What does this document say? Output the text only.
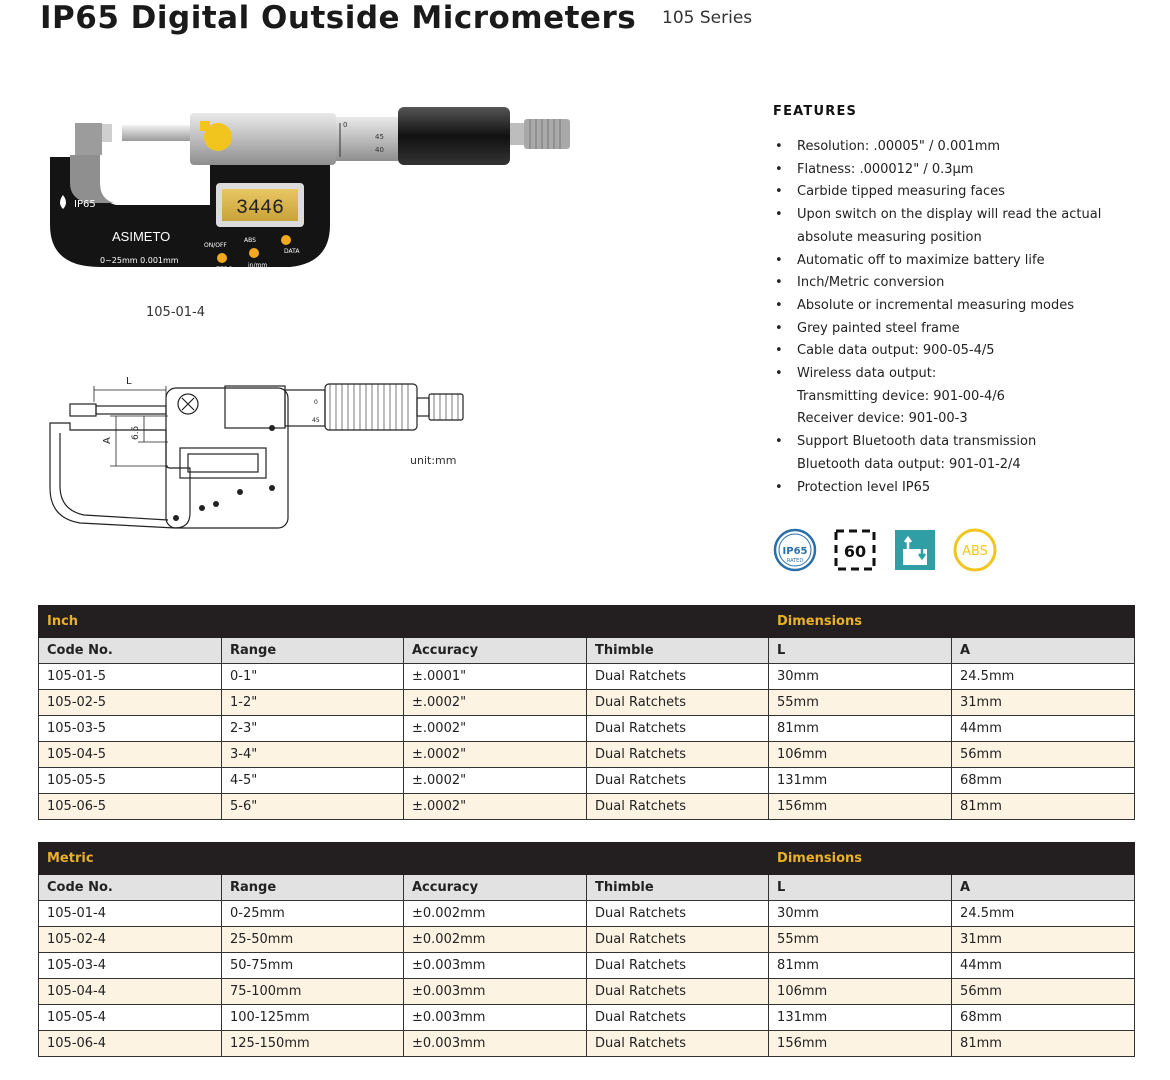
IP65 Digital Outside Micrometers 105 Series
0
45
40
3446
IP65
ASIMETO
0~25mm 0.001mm
ON/OFF
ABS
DATA
ZERO
in/mm
105-01-4
L
A
6.5
0
45
unit:mm
FEATURES
• Resolution: .00005" / 0.001mm
• Flatness: .000012" / 0.3μm
• Carbide tipped measuring faces
• Upon switch on the display will read the actual absolute measuring position
• Automatic off to maximize battery life
• Inch/Metric conversion
• Absolute or incremental measuring modes
• Grey painted steel frame
• Cable data output: 900-05-4/5
• Wireless data output:
Transmitting device: 901-00-4/6
Receiver device: 901-00-3
• Support Bluetooth data transmission
Bluetooth data output: 901-01-2/4
• Protection level IP65
IP65
RATED	60	ABS
Inch				Dimensions	
Code No.	Range	Accuracy	Thimble	L	A
105-01-5	0-1"	±.0001"	Dual Ratchets	30mm	24.5mm
105-02-5	1-2"	±.0002"	Dual Ratchets	55mm	31mm
105-03-5	2-3"	±.0002"	Dual Ratchets	81mm	44mm
105-04-5	3-4"	±.0002"	Dual Ratchets	106mm	56mm
105-05-5	4-5"	±.0002"	Dual Ratchets	131mm	68mm
105-06-5	5-6"	±.0002"	Dual Ratchets	156mm	81mm
Metric				Dimensions	
Code No.	Range	Accuracy	Thimble	L	A
105-01-4	0-25mm	±0.002mm	Dual Ratchets	30mm	24.5mm
105-02-4	25-50mm	±0.002mm	Dual Ratchets	55mm	31mm
105-03-4	50-75mm	±0.003mm	Dual Ratchets	81mm	44mm
105-04-4	75-100mm	±0.003mm	Dual Ratchets	106mm	56mm
105-05-4	100-125mm	±0.003mm	Dual Ratchets	131mm	68mm
105-06-4	125-150mm	±0.003mm	Dual Ratchets	156mm	81mm
